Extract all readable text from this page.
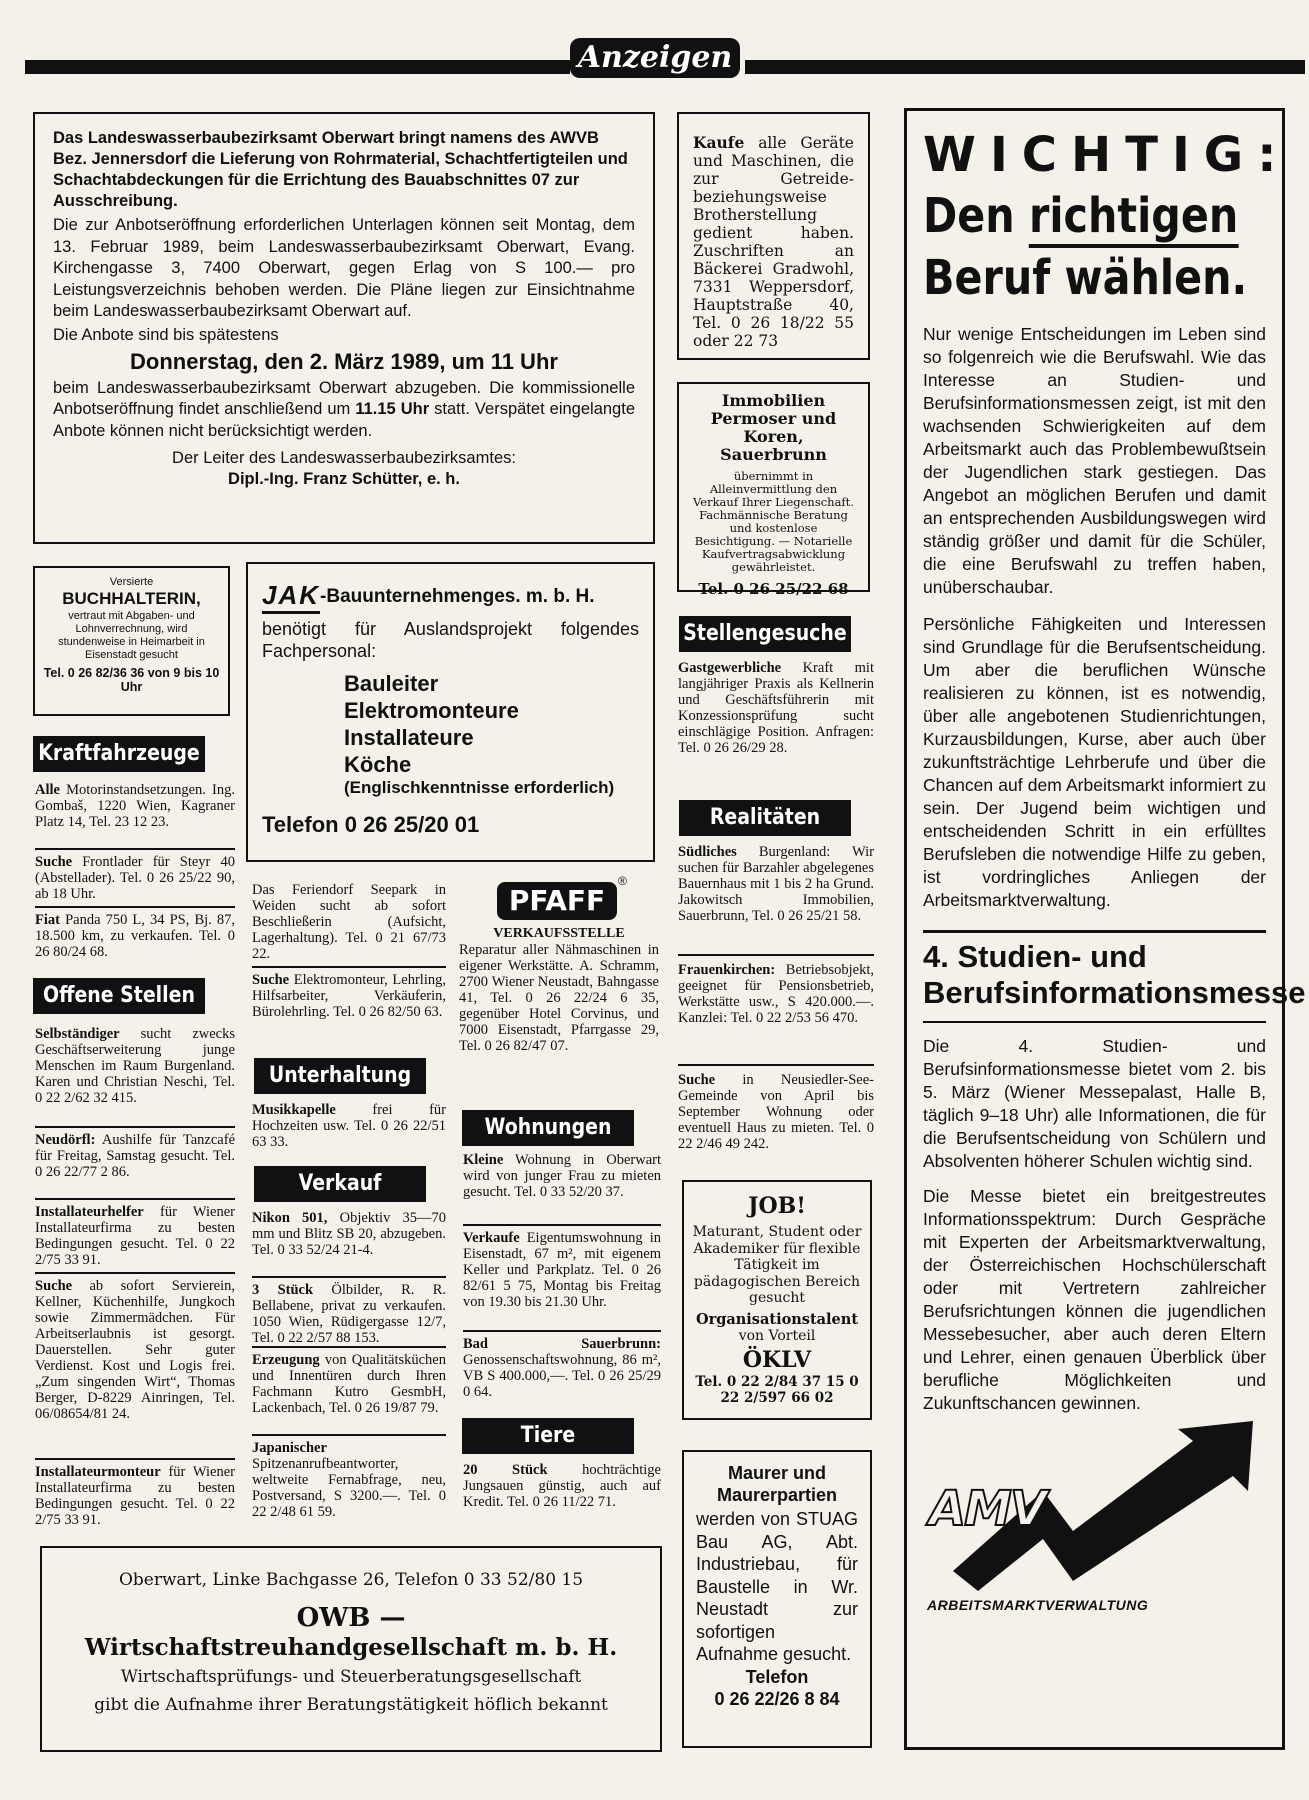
Anzeigen
Das Landeswasserbaubezirksamt Oberwart bringt namens des AWVB Bez. Jennersdorf die Lieferung von Rohrmaterial, Schachtfertigteilen und Schachtabdeckungen für die Errichtung des Bauabschnittes 07 zur Ausschreibung.
Die zur Anbotseröffnung erforderlichen Unterlagen können seit Montag, dem 13. Februar 1989, beim Landeswasserbaubezirksamt Oberwart, Evang. Kirchengasse 3, 7400 Oberwart, gegen Erlag von S 100.— pro Leistungsverzeichnis behoben werden. Die Pläne liegen zur Einsichtnahme beim Landeswasserbaubezirksamt Oberwart auf.
Die Anbote sind bis spätestens
Donnerstag, den 2. März 1989, um 11 Uhr
beim Landeswasserbaubezirksamt Oberwart abzugeben. Die kommissionelle Anbotseröffnung findet anschließend um 11.15 Uhr statt. Verspätet eingelangte Anbote können nicht berücksichtigt werden.
Der Leiter des Landeswasserbaubezirksamtes:
Dipl.-Ing. Franz Schütter, e. h.
Kaufe alle Geräte und Maschinen, die zur Getreide- beziehungsweise Brotherstellung gedient haben. Zuschriften an Bäckerei Gradwohl, 7331 Weppersdorf, Hauptstraße 40, Tel. 0 26 18/22 55 oder 22 73
Immobilien Permoser und Koren, Sauerbrunn
übernimmt in Alleinvermittlung den Verkauf Ihrer Liegenschaft. Fachmännische Beratung und kostenlose Besichtigung. — Notarielle Kaufvertragsabwicklung gewährleistet.
Tel. 0 26 25/22 68
Versierte
BUCHHALTERIN,
vertraut mit Abgaben- und Lohnverrechnung, wird stundenweise in Heimarbeit in Eisenstadt gesucht
Tel. 0 26 82/36 36 von 9 bis 10 Uhr
JAK -Bauunternehmenges. m. b. H.
benötigt für Auslandsprojekt folgendes Fachpersonal:
Bauleiter
Elektromonteure
Installateure
Köche
(Englischkenntnisse erforderlich)
Telefon 0 26 25/20 01
Kraftfahrzeuge
Alle Motorinstandsetzungen. Ing. Gombaš, 1220 Wien, Kagraner Platz 14, Tel. 23 12 23.
Suche Frontlader für Steyr 40 (Abstellader). Tel. 0 26 25/22 90, ab 18 Uhr.
Fiat Panda 750 L, 34 PS, Bj. 87, 18.500 km, zu verkaufen. Tel. 0 26 80/24 68.
Offene Stellen
Selbständiger sucht zwecks Geschäftserweiterung junge Menschen im Raum Burgenland. Karen und Christian Neschi, Tel. 0 22 2/62 32 415.
Neudörfl: Aushilfe für Tanzcafé für Freitag, Samstag gesucht. Tel. 0 26 22/77 2 86.
Installateurhelfer für Wiener Installateurfirma zu besten Bedingungen gesucht. Tel. 0 22 2/75 33 91.
Suche ab sofort Servierein, Kellner, Küchenhilfe, Jungkoch sowie Zimmermädchen. Für Arbeitserlaubnis ist gesorgt. Dauerstellen. Sehr guter Verdienst. Kost und Logis frei. „Zum singenden Wirt“, Thomas Berger, D-8229 Ainringen, Tel. 06/08654/81 24.
Installateurmonteur für Wiener Installateurfirma zu besten Bedingungen gesucht. Tel. 0 22 2/75 33 91.
Das Feriendorf Seepark in Weiden sucht ab sofort Beschließerin (Aufsicht, Lagerhaltung). Tel. 0 21 67/73 22.
Suche Elektromonteur, Lehrling, Hilfsarbeiter, Verkäuferin, Bürolehrling. Tel. 0 26 82/50 63.
Unterhaltung
Musikkapelle	frei für Hochzeiten usw. Tel. 0 26 22/51 63 33.
Verkauf
Nikon 501, Objektiv 35—70 mm und Blitz SB 20, abzugeben. Tel. 0 33 52/24 21-4.
3 Stück Ölbilder, R. R. Bellabene, privat zu verkaufen. 1050 Wien, Rüdigergasse 12/7, Tel. 0 22 2/57 88 153.
Erzeugung von Qualitätsküchen und Innentüren durch Ihren Fachmann Kutro GesmbH, Lackenbach, Tel. 0 26 19/87 79.
Japanischer Spitzenanrufbeantworter, weltweite Fernabfrage, neu, Postversand, S 3200.—. Tel. 0 22 2/48 61 59.
PFAFF
®
VERKAUFSSTELLE
Reparatur aller Nähmaschinen in eigener Werkstätte. A. Schramm, 2700 Wiener Neustadt, Bahngasse 41, Tel. 0 26 22/24 6 35, gegenüber Hotel Corvinus, und 7000 Eisenstadt, Pfarrgasse 29, Tel. 0 26 82/47 07.
Wohnungen
Kleine Wohnung in Oberwart wird von junger Frau zu mieten gesucht. Tel. 0 33 52/20 37.
Verkaufe Eigentumswohnung in Eisenstadt, 67 m², mit eigenem Keller und Parkplatz. Tel. 0 26 82/61 5 75, Montag bis Freitag von 19.30 bis 21.30 Uhr.
Bad Sauerbrunn: Genossenschaftswohnung, 86 m², VB S 400.000,—. Tel. 0 26 25/29 0 64.
Tiere
20 Stück hochträchtige Jungsauen günstig, auch auf Kredit. Tel. 0 26 11/22 71.
Stellengesuche
Gastgewerbliche Kraft mit langjähriger Praxis als Kellnerin und Geschäftsführerin mit Konzessionsprüfung sucht einschlägige Position. Anfragen: Tel. 0 26 26/29 28.
Realitäten
Südliches Burgenland: Wir suchen für Barzahler abgelegenes Bauernhaus mit 1 bis 2 ha Grund. Jakowitsch Immobilien, Sauerbrunn, Tel. 0 26 25/21 58.
Frauenkirchen: Betriebsobjekt, geeignet für Pensionsbetrieb, Werkstätte usw., S 420.000.—. Kanzlei: Tel. 0 22 2/53 56 470.
Suche in Neusiedler-See-Gemeinde von April bis September Wohnung oder eventuell Haus zu mieten. Tel. 0 22 2/46 49 242.
JOB!
Maturant, Student oder Akademiker für flexible Tätigkeit im pädagogischen Bereich gesucht
Organisationstalent
von Vorteil
ÖKLV
Tel. 0 22 2/84 37 15 0 22 2/597 66 02
Maurer und Maurerpartien
werden von STUAG Bau AG, Abt. Industriebau, für Baustelle in Wr. Neustadt zur sofortigen Aufnahme gesucht.
Telefon
0 26 22/26 8 84
Oberwart, Linke Bachgasse 26, Telefon 0 33 52/80 15
OWB —
Wirtschaftstreuhandgesellschaft m. b. H.
Wirtschaftsprüfungs- und Steuerberatungsgesellschaft
gibt die Aufnahme ihrer Beratungstätigkeit höflich bekannt
WICHTIG:
Den richtigen
Beruf wählen.
Nur wenige Entscheidungen im Leben sind so folgenreich wie die Berufswahl. Wie das Interesse an Studien- und Berufsinformationsmessen zeigt, ist mit den wachsenden Schwierigkeiten auf dem Arbeitsmarkt auch das Problembewußtsein der Jugendlichen stark gestiegen. Das Angebot an möglichen Berufen und damit an entsprechenden Ausbildungswegen wird ständig größer und damit für die Schüler, die eine Berufswahl zu treffen haben, unüberschaubar.
Persönliche Fähigkeiten und Interessen sind Grundlage für die Berufsentscheidung. Um aber die beruflichen Wünsche realisieren zu können, ist es notwendig, über alle angebotenen Studienrichtungen, Kurzausbildungen, Kurse, aber auch über zukunftsträchtige Lehrberufe und über die Chancen auf dem Arbeitsmarkt informiert zu sein. Der Jugend beim wichtigen und entscheidenden Schritt in ein erfülltes Berufsleben die notwendige Hilfe zu geben, ist vordringliches Anliegen der Arbeitsmarktverwaltung.
4. Studien- und Berufsinformationsmesse
Die 4. Studien- und Berufsinformationsmesse bietet vom 2. bis 5. März (Wiener Messepalast, Halle B, täglich 9–18 Uhr) alle Informationen, die für die Berufsentscheidung von Schülern und Absolventen höherer Schulen wichtig sind.
Die Messe bietet ein breitgestreutes Informationsspektrum: Durch Gespräche mit Experten der Arbeitsmarktverwaltung, der Österreichischen Hochschülerschaft oder mit Vertretern zahlreicher Berufsrichtungen können die jugendlichen Messebesucher, aber auch deren Eltern und Lehrer, einen genauen Überblick über berufliche Möglichkeiten und Zukunftschancen gewinnen.
AMV
ARBEITSMARKTVERWALTUNG
